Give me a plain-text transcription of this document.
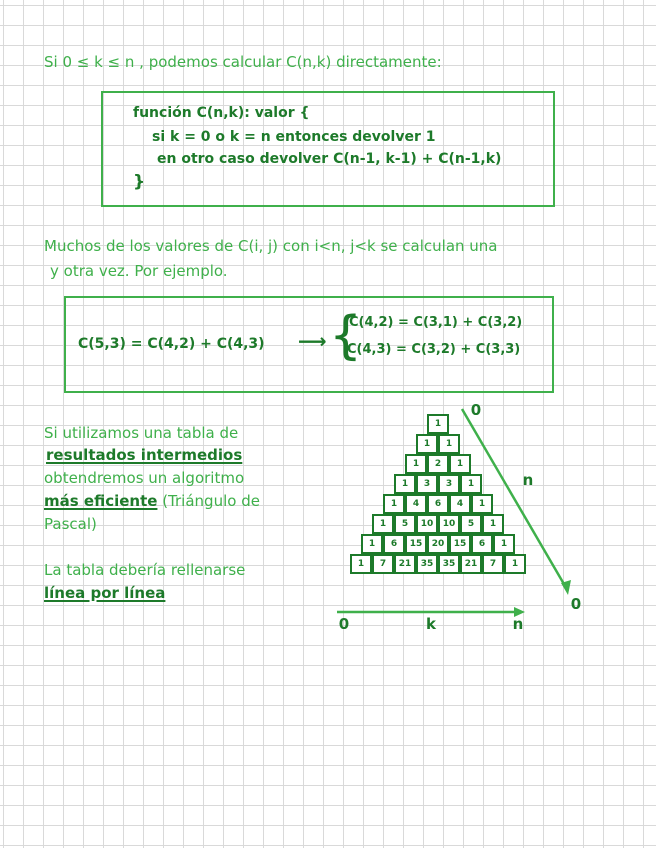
Si 0 ≤ k ≤ n , podemos calcular C(n,k) directamente:
función C(n,k): valor {
si k = 0 o k = n entonces devolver 1
en otro caso devolver C(n-1, k-1) + C(n-1,k)
}
Muchos de los valores de C(i, j) con i<n, j<k se calculan una
y otra vez. Por ejemplo.
C(5,3) = C(4,2) + C(4,3) ⟶ {
C(4,2) = C(3,1) + C(3,2)
C(4,3) = C(3,2) + C(3,3)
Si utilizamos una tabla de
resultados intermedios
obtendremos un algoritmo
más eficiente (Triángulo de
Pascal)
La tabla debería rellenarse
línea por línea
1
1 1
1 2 1
1 3 3 1
1 4 6 4 1
1 5 10 10 5 1
1 6 15 20 15 6 1
1 7 21 35 35 21 7 1
0	k	n
0
n
0
